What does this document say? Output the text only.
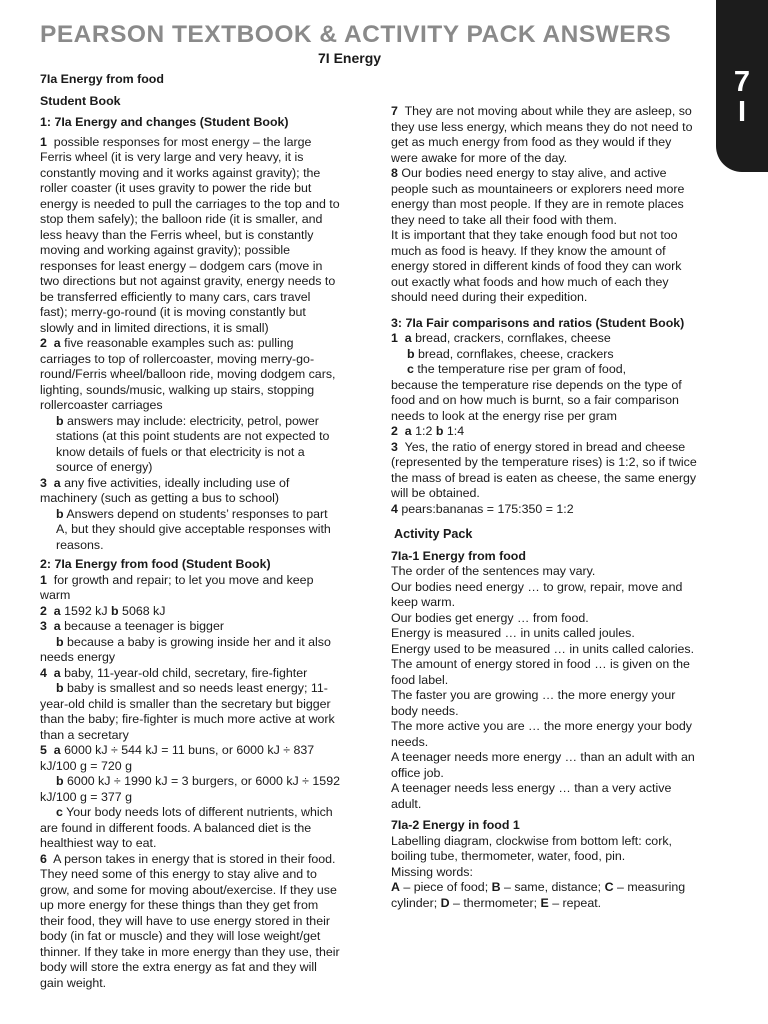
7
I
PEARSON TEXTBOOK & ACTIVITY PACK ANSWERS
7I Energy

7Ia Energy from food

Student Book

1: 7Ia Energy and changes (Student Book)

1 possible responses for most energy – the large Ferris wheel (it is very large and very heavy, it is constantly moving and it works against gravity); the roller coaster (it uses gravity to power the ride but energy is needed to pull the carriages to the top and to stop them safely); the balloon ride (it is smaller, and less heavy than the Ferris wheel, but is constantly moving and working against gravity); possible responses for least energy – dodgem cars (move in two directions but not against gravity, energy needs to be transferred efficiently to many cars, cars travel fast); merry-go-round (it is moving constantly but slowly and in limited directions, it is small)

2 a five reasonable examples such as: pulling carriages to top of rollercoaster, moving merry-go-round/Ferris wheel/balloon ride, moving dodgem cars, lighting, sounds/music, walking up stairs, stopping rollercoaster carriages

b answers may include: electricity, petrol, power stations (at this point students are not expected to know details of fuels or that electricity is not a source of energy)

3 a any five activities, ideally including use of machinery (such as getting a bus to school)

b Answers depend on students’ responses to part A, but they should give acceptable responses with reasons.

2: 7Ia Energy from food (Student Book)

1 for growth and repair; to let you move and keep warm

2 a 1592 kJ b 5068 kJ

3 a because a teenager is bigger

b because a baby is growing inside her and it also needs energy

4 a baby, 11-year-old child, secretary, fire-fighter

b baby is smallest and so needs least energy; 11-year-old child is smaller than the secretary but bigger than the baby; fire-fighter is much more active at work than a secretary

5 a 6000 kJ ÷ 544 kJ = 11 buns, or 6000 kJ ÷ 837 kJ/100 g = 720 g

b 6000 kJ ÷ 1990 kJ = 3 burgers, or 6000 kJ ÷ 1592 kJ/100 g = 377 g

c Your body needs lots of different nutrients, which are found in different foods. A balanced diet is the healthiest way to eat.

6 A person takes in energy that is stored in their food. They need some of this energy to stay alive and to grow, and some for moving about/exercise. If they use up more energy for these things than they get from their food, they will have to use energy stored in their body (in fat or muscle) and they will lose weight/get thinner. If they take in more energy than they use, their body will store the extra energy as fat and they will gain weight.

7 They are not moving about while they are asleep, so they use less energy, which means they do not need to get as much energy from food as they would if they were awake for more of the day.

8 Our bodies need energy to stay alive, and active people such as mountaineers or explorers need more energy than most people. If they are in remote places they need to take all their food with them.

It is important that they take enough food but not too much as food is heavy. If they know the amount of energy stored in different kinds of food they can work out exactly what foods and how much of each they should need during their expedition.

3: 7Ia Fair comparisons and ratios (Student Book)

1 a bread, crackers, cornflakes, cheese

b bread, cornflakes, cheese, crackers

c the temperature rise per gram of food,

because the temperature rise depends on the type of food and on how much is burnt, so a fair comparison needs to look at the energy rise per gram

2 a 1:2 b 1:4

3 Yes, the ratio of energy stored in bread and cheese (represented by the temperature rises) is 1:2, so if twice the mass of bread is eaten as cheese, the same energy will be obtained.

4 pears:bananas = 175:350 = 1:2

Activity Pack

7Ia-1 Energy from food

The order of the sentences may vary.

Our bodies need energy … to grow, repair, move and keep warm.

Our bodies get energy … from food.

Energy is measured … in units called joules.

Energy used to be measured … in units called calories.

The amount of energy stored in food … is given on the food label.

The faster you are growing … the more energy your body needs.

The more active you are … the more energy your body needs.

A teenager needs more energy … than an adult with an office job.

A teenager needs less energy … than a very active adult.

7Ia-2 Energy in food 1

Labelling diagram, clockwise from bottom left: cork, boiling tube, thermometer, water, food, pin.

Missing words:

A – piece of food; B – same, distance; C – measuring cylinder; D – thermometer; E – repeat.
